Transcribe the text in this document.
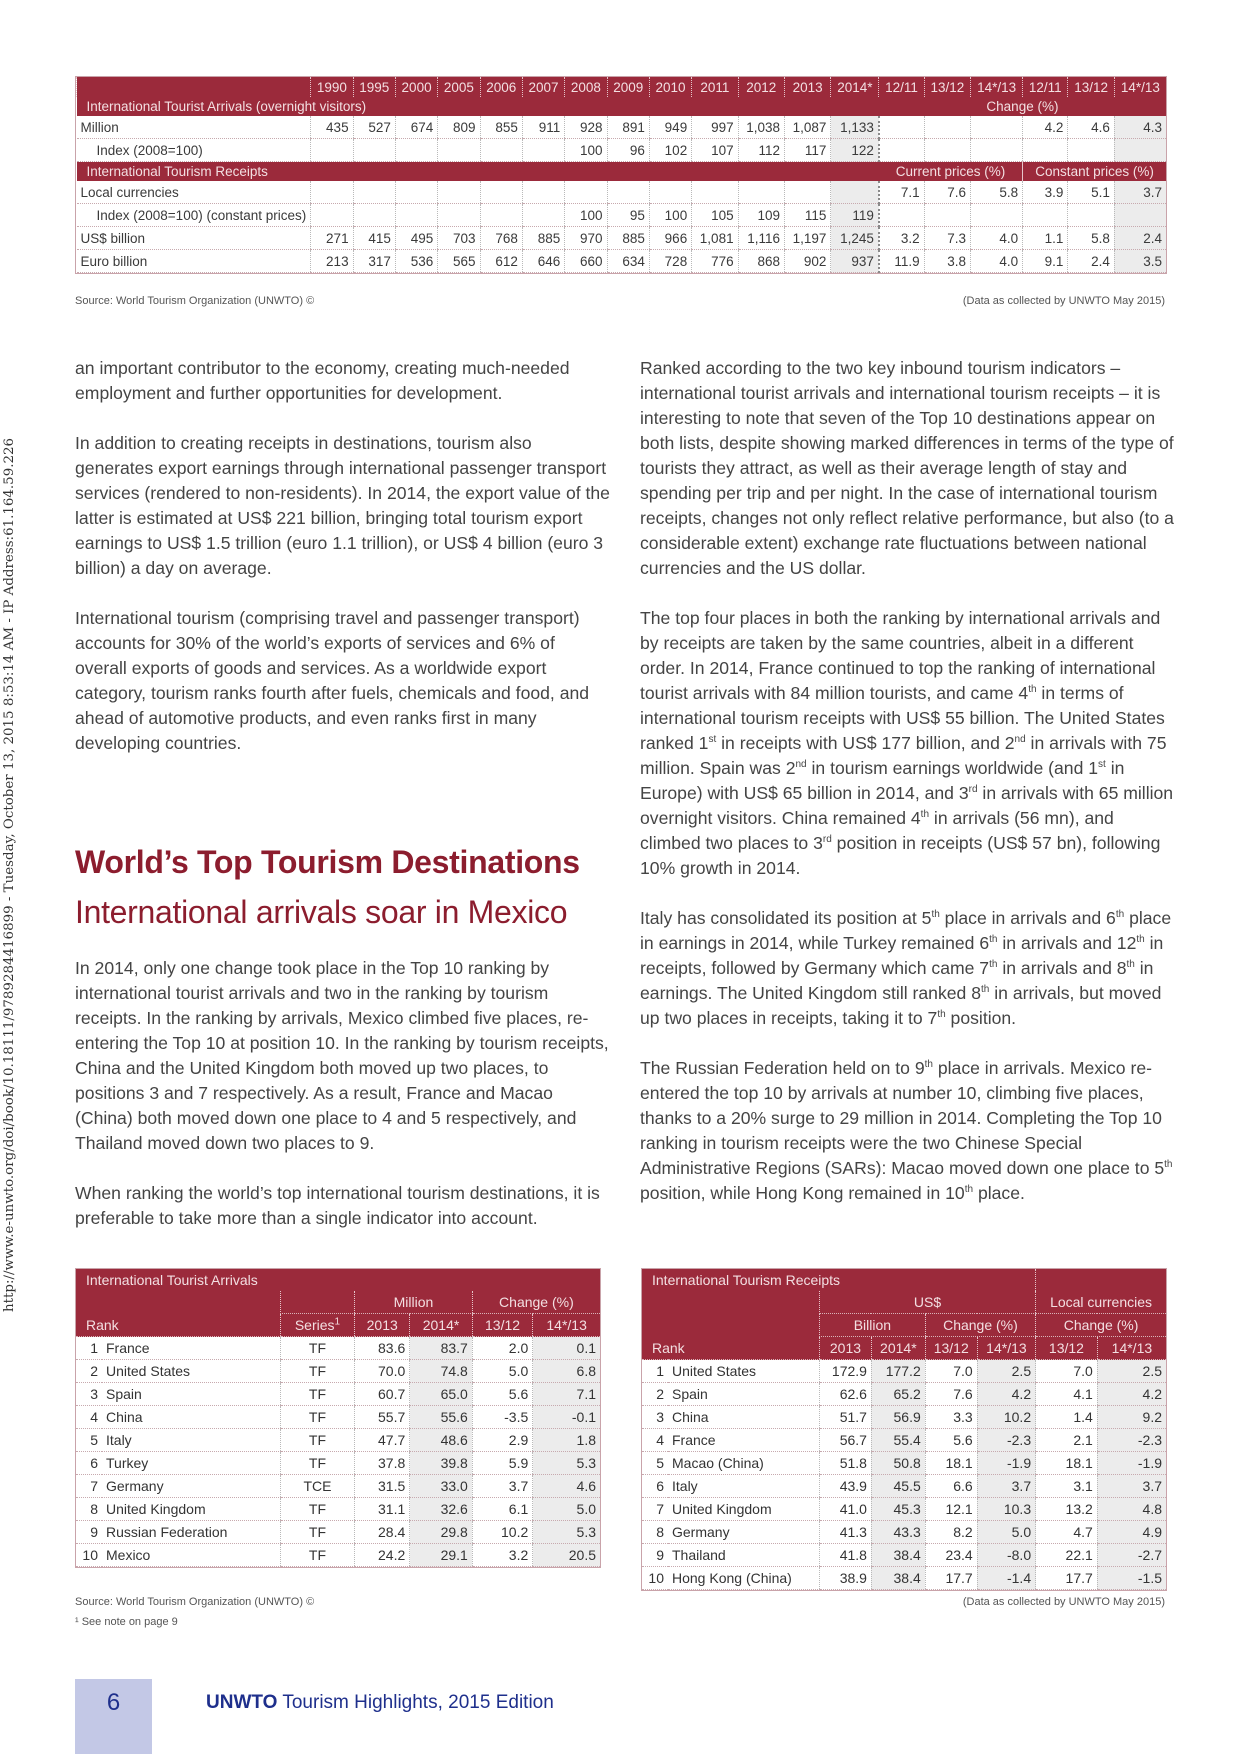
http://www.e-unwto.org/doi/book/10.18111/9789284416899 - Tuesday, October 13, 2015 8:53:14 AM - IP Address:61.164.59.226
	1990	1995	2000	2005	2006	2007	2008	2009	2010	2011	2012	2013	2014*	12/11	13/12	14*/13	12/11	13/12	14*/13
International Tourist Arrivals (overnight visitors)														Change (%)					
Million	435	527	674	809	855	911	928	891	949	997	1,038	1,087	1,133				4.2	4.6	4.3
Index (2008=100)							100	96	102	107	112	117	122						
International Tourism Receipts														Current prices (%)			Constant prices (%)		
Local currencies														7.1	7.6	5.8	3.9	5.1	3.7
Index (2008=100) (constant prices)							100	95	100	105	109	115	119						
US$ billion	271	415	495	703	768	885	970	885	966	1,081	1,116	1,197	1,245	3.2	7.3	4.0	1.1	5.8	2.4
Euro billion	213	317	536	565	612	646	660	634	728	776	868	902	937	11.9	3.8	4.0	9.1	2.4	3.5
Source: World Tourism Organization (UNWTO) ©	(Data as collected by UNWTO May 2015)

an important contributor to the economy, creating much-needed employment and further opportunities for development.

In addition to creating receipts in destinations, tourism also generates export earnings through international passenger transport services (rendered to non-residents). In 2014, the export value of the latter is estimated at US$ 221 billion, bringing total tourism export earnings to US$ 1.5 trillion (euro 1.1 trillion), or US$ 4 billion (euro 3 billion) a day on average.

International tourism (comprising travel and passenger transport) accounts for 30% of the world’s exports of services and 6% of overall exports of goods and services. As a worldwide export category, tourism ranks fourth after fuels, chemicals and food, and ahead of automotive products, and even ranks first in many developing countries.

World’s Top Tourism Destinations
International arrivals soar in Mexico

In 2014, only one change took place in the Top 10 ranking by international tourist arrivals and two in the ranking by tourism receipts. In the ranking by arrivals, Mexico climbed five places, re-entering the Top 10 at position 10. In the ranking by tourism receipts, China and the United Kingdom both moved up two places, to positions 3 and 7 respectively. As a result, France and Macao (China) both moved down one place to 4 and 5 respectively, and Thailand moved down two places to 9.

When ranking the world’s top international tourism destinations, it is preferable to take more than a single indicator into account.

Ranked according to the two key inbound tourism indicators – international tourist arrivals and international tourism receipts – it is interesting to note that seven of the Top 10 destinations appear on both lists, despite showing marked differences in terms of the type of tourists they attract, as well as their average length of stay and spending per trip and per night. In the case of international tourism receipts, changes not only reflect relative performance, but also (to a considerable extent) exchange rate fluctuations between national currencies and the US dollar.

The top four places in both the ranking by international arrivals and by receipts are taken by the same countries, albeit in a different order. In 2014, France continued to top the ranking of international tourist arrivals with 84 million tourists, and came 4th in terms of international tourism receipts with US$ 55 billion. The United States ranked 1st in receipts with US$ 177 billion, and 2nd in arrivals with 75 million. Spain was 2nd in tourism earnings worldwide (and 1st in Europe) with US$ 65 billion in 2014, and 3rd in arrivals with 65 million overnight visitors. China remained 4th in arrivals (56 mn), and climbed two places to 3rd position in receipts (US$ 57 bn), following 10% growth in 2014.

Italy has consolidated its position at 5th place in arrivals and 6th place in earnings in 2014, while Turkey remained 6th in arrivals and 12th in receipts, followed by Germany which came 7th in arrivals and 8th in earnings. The United Kingdom still ranked 8th in arrivals, but moved up two places in receipts, taking it to 7th position.

The Russian Federation held on to 9th place in arrivals. Mexico re-entered the top 10 by arrivals at number 10, climbing five places, thanks to a 20% surge to 29 million in 2014. Completing the Top 10 ranking in tourism receipts were the two Chinese Special Administrative Regions (SARs): Macao moved down one place to 5th position, while Hong Kong remained in 10th place.

International Tourist Arrivals						
			Million		Change (%)	
Rank		Series$^1$	2013	2014*	13/12	14*/13
1	France	TF	83.6	83.7	2.0	0.1
2	United States	TF	70.0	74.8	5.0	6.8
3	Spain	TF	60.7	65.0	5.6	7.1
4	China	TF	55.7	55.6	-3.5	-0.1
5	Italy	TF	47.7	48.6	2.9	1.8
6	Turkey	TF	37.8	39.8	5.9	5.3
7	Germany	TCE	31.5	33.0	3.7	4.6
8	United Kingdom	TF	31.1	32.6	6.1	5.0
9	Russian Federation	TF	28.4	29.8	10.2	5.3
10	Mexico	TF	24.2	29.1	3.2	20.5
International Tourism Receipts							
		US$				Local currencies	
		Billion		Change (%)		Change (%)	
Rank		2013	2014*	13/12	14*/13	13/12	14*/13
1	United States	172.9	177.2	7.0	2.5	7.0	2.5
2	Spain	62.6	65.2	7.6	4.2	4.1	4.2
3	China	51.7	56.9	3.3	10.2	1.4	9.2
4	France	56.7	55.4	5.6	-2.3	2.1	-2.3
5	Macao (China)	51.8	50.8	18.1	-1.9	18.1	-1.9
6	Italy	43.9	45.5	6.6	3.7	3.1	3.7
7	United Kingdom	41.0	45.3	12.1	10.3	13.2	4.8
8	Germany	41.3	43.3	8.2	5.0	4.7	4.9
9	Thailand	41.8	38.4	23.4	-8.0	22.1	-2.7
10	Hong Kong (China)	38.9	38.4	17.7	-1.4	17.7	-1.5
Source: World Tourism Organization (UNWTO) ©
¹ See note on page 9
(Data as collected by UNWTO May 2015)
6	UNWTO Tourism Highlights, 2015 Edition
